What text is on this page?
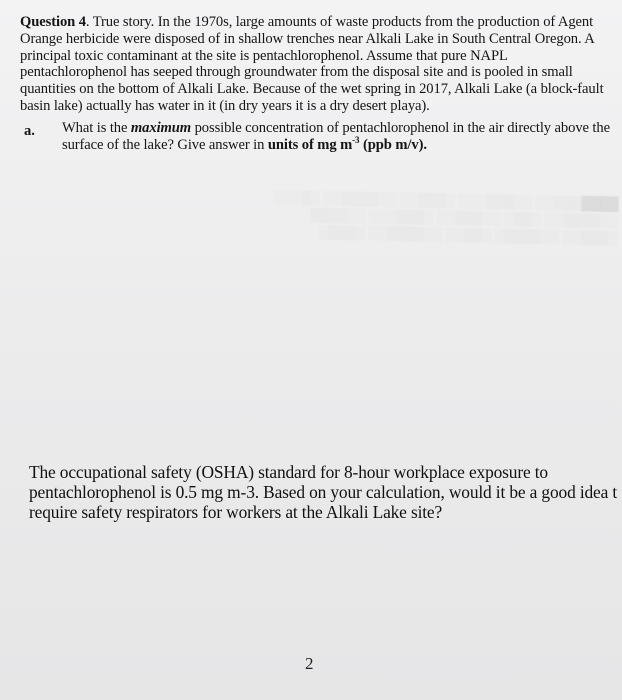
████▒▒▒░░ ░░▒▒▒░░░ ░▒▒▒░░ ░░▒▒▒▒░░ ░▒░░░
░░▒▒▒▒░░ ░▒▒░ ░░▒▒▒░░ ░▒▒▒░░░ ░░▒▒▒▒
░▒▒▒░░ ░░▒▒▒▒░ ░▒▒░░ ░░▒▒▒▒░░ ░▒▒▒░

Question 4. True story. In the 1970s, large amounts of waste products from the production of Agent Orange herbicide were disposed of in shallow trenches near Alkali Lake in South Central Oregon. A principal toxic contaminant at the site is pentachlorophenol. Assume that pure NAPL pentachlorophenol has seeped through groundwater from the disposal site and is pooled in small quantities on the bottom of Alkali Lake. Because of the wet spring in 2017, Alkali Lake (a block-fault basin lake) actually has water in it (in dry years it is a dry desert playa).

a. What is the maximum possible concentration of pentachlorophenol in the air directly above the surface of the lake? Give answer in units of mg $m^{-3}$ (ppb m/v).

The occupational safety (OSHA) standard for 8-hour workplace exposure to
pentachlorophenol is 0.5 mg m-3. Based on your calculation, would it be a good idea t
require safety respirators for workers at the Alkali Lake site?

2
